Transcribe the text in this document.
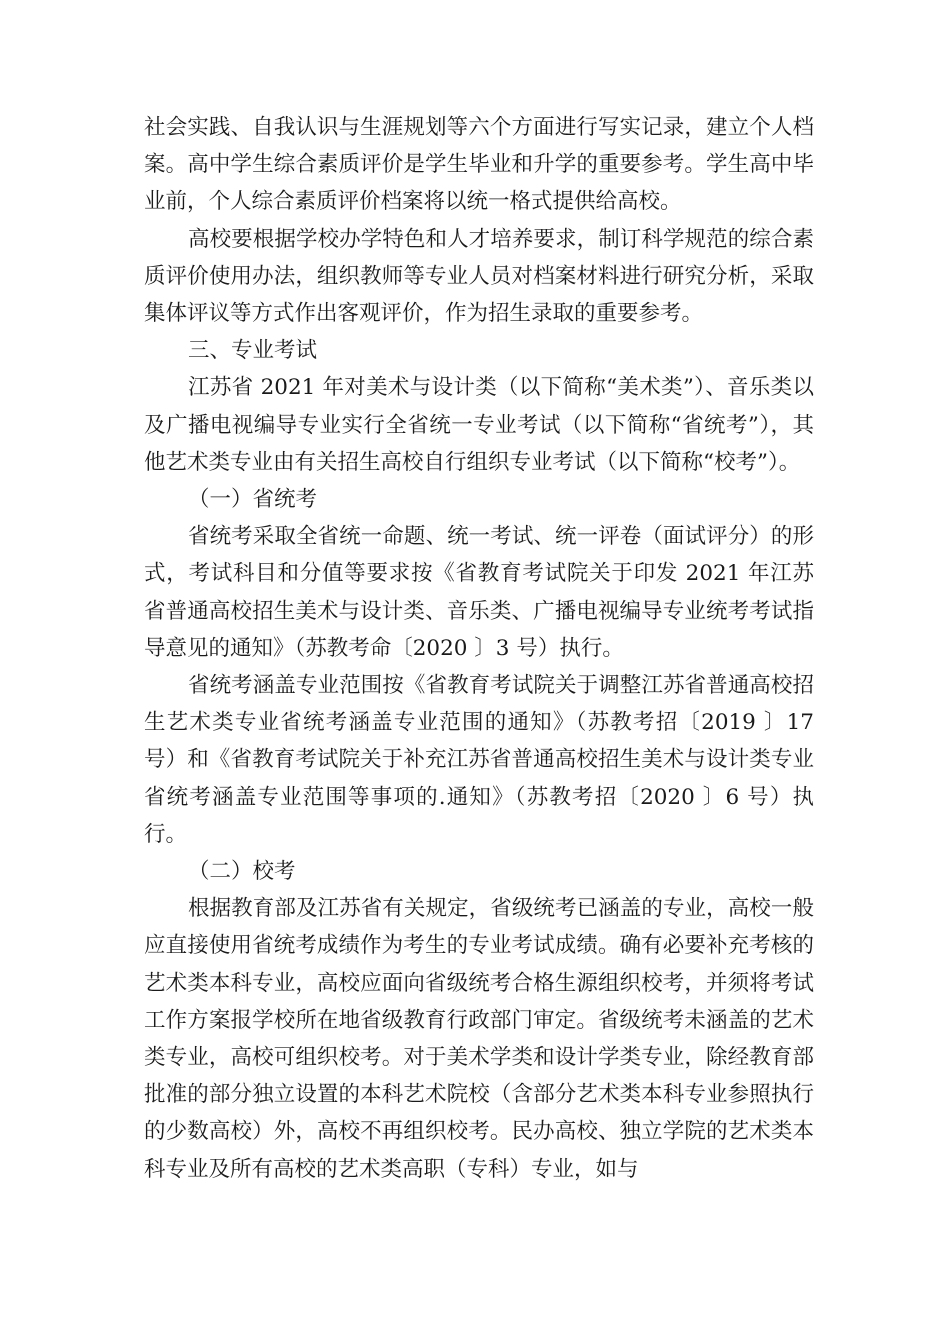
社会实践、自我认识与生涯规划等六个方面进行写实记录，建立个人档案。高中学生综合素质评价是学生毕业和升学的重要参考。学生高中毕业前，个人综合素质评价档案将以统一格式提供给高校。

高校要根据学校办学特色和人才培养要求，制订科学规范的综合素质评价使用办法，组织教师等专业人员对档案材料进行研究分析，采取集体评议等方式作出客观评价，作为招生录取的重要参考。

三、专业考试

江苏省 2021 年对美术与设计类（以下简称“美术类”）、音乐类以及广播电视编导专业实行全省统一专业考试（以下简称“省统考”），其他艺术类专业由有关招生高校自行组织专业考试（以下简称“校考”）。

（一）省统考

省统考采取全省统一命题、统一考试、统一评卷（面试评分）的形式，考试科目和分值等要求按《省教育考试院关于印发 2021 年江苏省普通高校招生美术与设计类、音乐类、广播电视编导专业统考考试指导意见的通知》（苏教考命〔2020 〕3 号）执行。

省统考涵盖专业范围按《省教育考试院关于调整江苏省普通高校招生艺术类专业省统考涵盖专业范围的通知》（苏教考招〔2019 〕17 号）和《省教育考试院关于补充江苏省普通高校招生美术与设计类专业省统考涵盖专业范围等事项的.通知》（苏教考招〔2020 〕6 号）执行。

（二）校考

根据教育部及江苏省有关规定，省级统考已涵盖的专业，高校一般应直接使用省统考成绩作为考生的专业考试成绩。确有必要补充考核的艺术类本科专业，高校应面向省级统考合格生源组织校考，并须将考试工作方案报学校所在地省级教育行政部门审定。省级统考未涵盖的艺术类专业，高校可组织校考。对于美术学类和设计学类专业，除经教育部批准的部分独立设置的本科艺术院校（含部分艺术类本科专业参照执行的少数高校）外，高校不再组织校考。民办高校、独立学院的艺术类本科专业及所有高校的艺术类高职（专科）专业，如与
